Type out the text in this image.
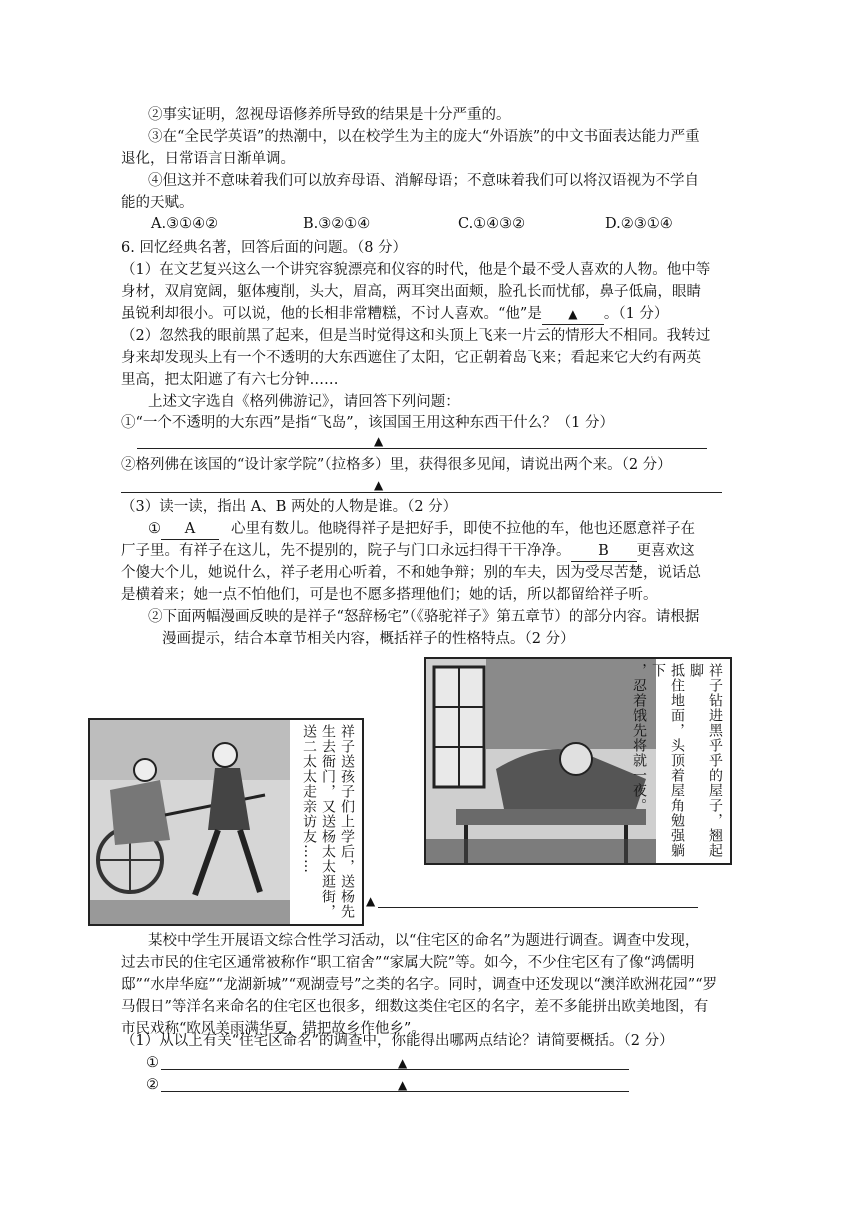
②事实证明，忽视母语修养所导致的结果是十分严重的。
③在“全民学英语”的热潮中，以在校学生为主的庞大“外语族”的中文书面表达能力严重
退化，日常语言日渐单调。
④但这并不意味着我们可以放弃母语、消解母语；不意味着我们可以将汉语视为不学自
能的天赋。
A.③①④②	B.③②①④	C.①④③②	D.②③①④
6. 回忆经典名著，回答后面的问题。（8 分）
（1）在文艺复兴这么一个讲究容貌漂亮和仪容的时代，他是个最不受人喜欢的人物。他中等
身材，双肩宽阔，躯体瘦削，头大，眉高，两耳突出面颊，脸孔长而忧郁，鼻子低扁，眼睛
虽锐利却很小。可以说，他的长相非常糟糕，不讨人喜欢。“他”是 ▲ 。（1 分）
（2）忽然我的眼前黑了起来，但是当时觉得这和头顶上飞来一片云的情形大不相同。我转过
身来却发现头上有一个不透明的大东西遮住了太阳，它正朝着岛飞来；看起来它大约有两英
里高，把太阳遮了有六七分钟……
上述文字选自《格列佛游记》，请回答下列问题：
①“一个不透明的大东西”是指“飞岛”，该国国王用这种东西干什么？（1 分）
▲
②格列佛在该国的“设计家学院”（拉格多）里，获得很多见闻，请说出两个来。（2 分）
▲
（3）读一读，指出 A、B 两处的人物是谁。（2 分）
① A 心里有数儿。他晓得祥子是把好手，即使不拉他的车，他也还愿意祥子在
厂子里。有祥子在这儿，先不提别的，院子与门口永远扫得干干净净。 B 更喜欢这
个傻大个儿，她说什么，祥子老用心听着，不和她争辩；别的车夫，因为受尽苦楚，说话总
是横着来；她一点不怕他们，可是也不愿多搭理他们；她的话，所以都留给祥子听。
②下面两幅漫画反映的是祥子“怒辞杨宅”（《骆驼祥子》第五章节）的部分内容。请根据
漫画提示，结合本章节相关内容，概括祥子的性格特点。（2 分）
祥子钻进黑乎乎的屋子，翘起脚
抵住地面，头顶着屋角勉强躺下
，忍着饿先将就一夜。
祥子送孩子们上学后，送杨先
生去衙门，又送杨太太逛街，
送二太太走亲访友……
▲
某校中学生开展语文综合性学习活动，以“住宅区的命名”为题进行调查。调查中发现，
过去市民的住宅区通常被称作“职工宿舍”“家属大院”等。如今，不少住宅区有了像“鸿儒明
邸”“水岸华庭”“龙湖新城”“观湖壹号”之类的名字。同时，调查中还发现以“澳洋欧洲花园”“罗
马假日”等洋名来命名的住宅区也很多，细数这类住宅区的名字，差不多能拼出欧美地图，有
市民戏称“欧风美雨满华夏，错把故乡作他乡”。
（1）从以上有关“住宅区命名”的调查中，你能得出哪两点结论？请简要概括。（2 分）
①	▲
②	▲
